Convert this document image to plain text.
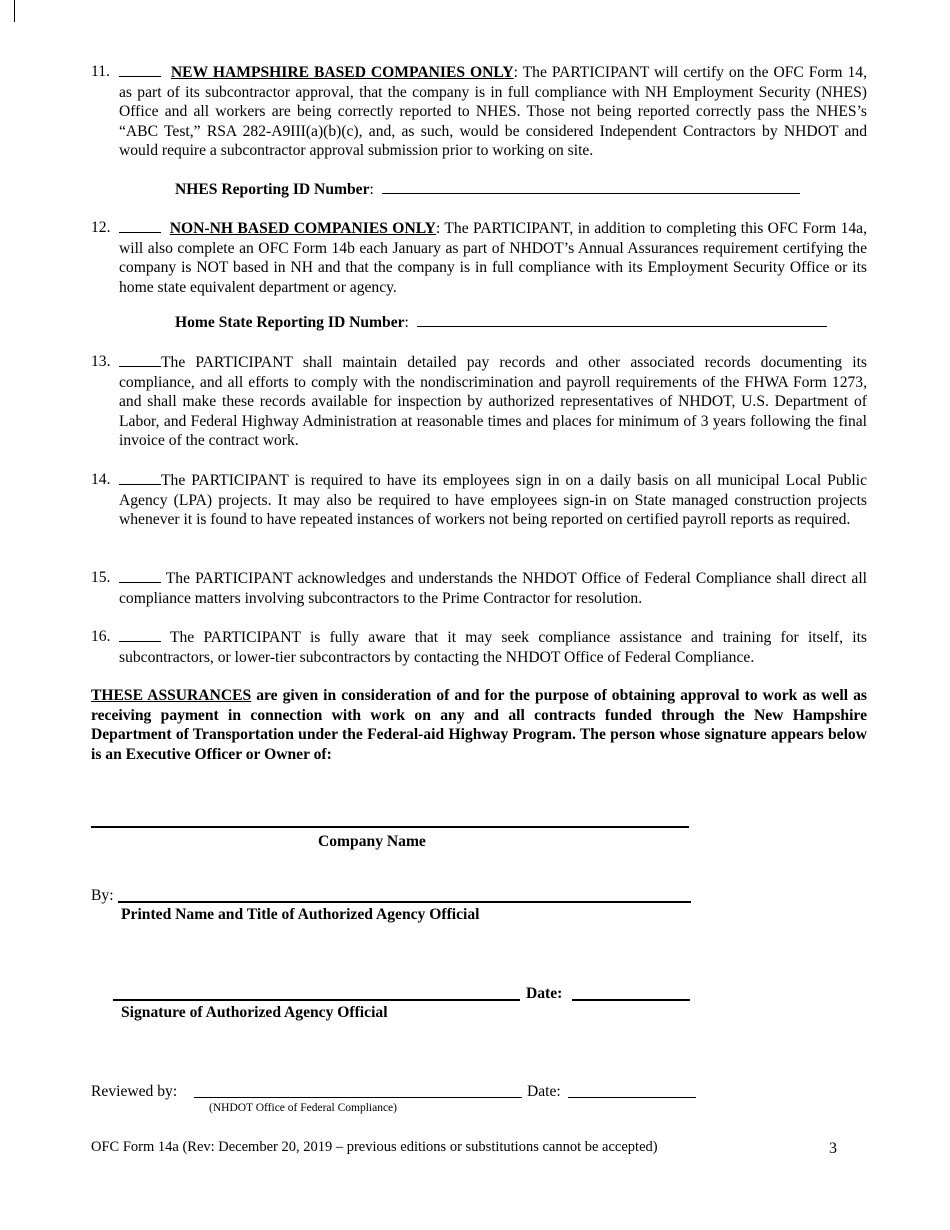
11.	NEW HAMPSHIRE BASED COMPANIES ONLY: The PARTICIPANT will certify on the OFC Form 14, as part of its subcontractor approval, that the company is in full compliance with NH Employment Security (NHES) Office and all workers are being correctly reported to NHES. Those not being reported correctly pass the NHES’s “ABC Test,” RSA 282-A9III(a)(b)(c), and, as such, would be considered Independent Contractors by NHDOT and would require a subcontractor approval submission prior to working on site.
NHES Reporting ID Number:
12.	NON-NH BASED COMPANIES ONLY: The PARTICIPANT, in addition to completing this OFC Form 14a, will also complete an OFC Form 14b each January as part of NHDOT’s Annual Assurances requirement certifying the company is NOT based in NH and that the company is in full compliance with its Employment Security Office or its home state equivalent department or agency.
Home State Reporting ID Number:
13.	The PARTICIPANT shall maintain detailed pay records and other associated records documenting its compliance, and all efforts to comply with the nondiscrimination and payroll requirements of the FHWA Form 1273, and shall make these records available for inspection by authorized representatives of NHDOT, U.S. Department of Labor, and Federal Highway Administration at reasonable times and places for minimum of 3 years following the final invoice of the contract work.
14.	The PARTICIPANT is required to have its employees sign in on a daily basis on all municipal Local Public Agency (LPA) projects. It may also be required to have employees sign-in on State managed construction projects whenever it is found to have repeated instances of workers not being reported on certified payroll reports as required.
15.	The PARTICIPANT acknowledges and understands the NHDOT Office of Federal Compliance shall direct all compliance matters involving subcontractors to the Prime Contractor for resolution.
16.	The PARTICIPANT is fully aware that it may seek compliance assistance and training for itself, its subcontractors, or lower-tier subcontractors by contacting the NHDOT Office of Federal Compliance.
THESE ASSURANCES are given in consideration of and for the purpose of obtaining approval to work as well as receiving payment in connection with work on any and all contracts funded through the New Hampshire Department of Transportation under the Federal-aid Highway Program. The person whose signature appears below is an Executive Officer or Owner of:
Company Name
By:
Printed Name and Title of Authorized Agency Official
Date:
Signature of Authorized Agency Official
Reviewed by:	Date:
(NHDOT Office of Federal Compliance)
OFC Form 14a (Rev: December 20, 2019 – previous editions or substitutions cannot be accepted)	3
